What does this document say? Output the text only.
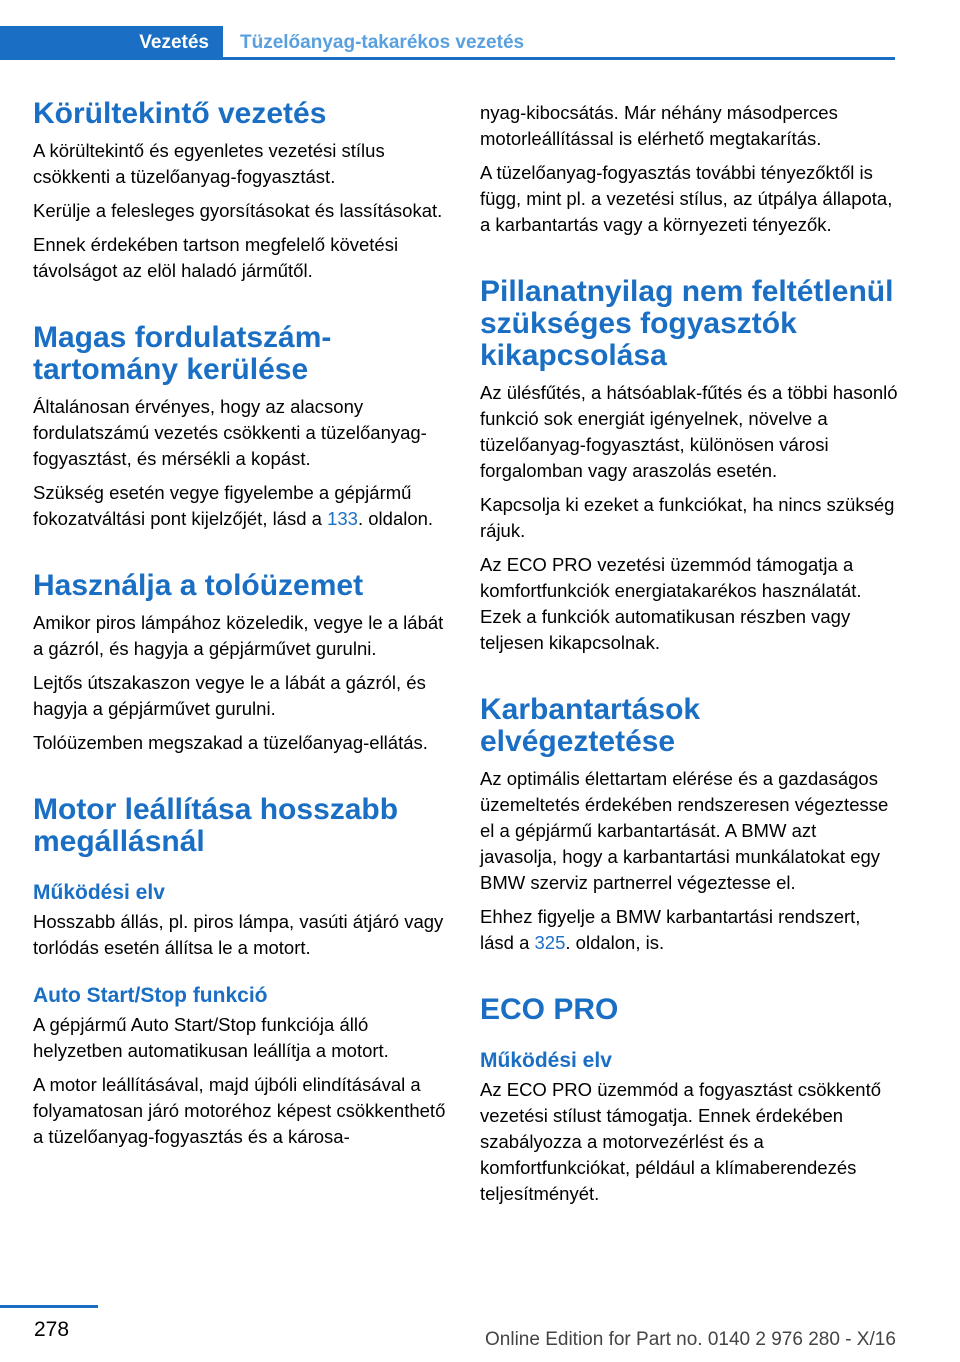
Vezetés	Tüzelőanyag-takarékos vezetés
Körültekintő vezetés

A körültekintő és egyenletes vezetési stílus csökkenti a tüzelőanyag-fogyasztást.

Kerülje a felesleges gyorsításokat és lassításokat.

Ennek érdekében tartson megfelelő követési távolságot az elöl haladó járműtől.

Magas fordulatszám-tartomány kerülése

Általánosan érvényes, hogy az alacsony fordulatszámú vezetés csökkenti a tüzelőanyag-fogyasztást, és mérsékli a kopást.

Szükség esetén vegye figyelembe a gépjármű fokozatváltási pont kijelzőjét, lásd a 133. oldalon.

Használja a tolóüzemet

Amikor piros lámpához közeledik, vegye le a lábát a gázról, és hagyja a gépjárművet gurulni.

Lejtős útszakaszon vegye le a lábát a gázról, és hagyja a gépjárművet gurulni.

Tolóüzemben megszakad a tüzelőanyag-ellátás.

Motor leállítása hosszabb megállásnál
Működési elv

Hosszabb állás, pl. piros lámpa, vasúti átjáró vagy torlódás esetén állítsa le a motort.

Auto Start/Stop funkció

A gépjármű Auto Start/Stop funkciója álló helyzetben automatikusan leállítja a motort.

A motor leállításával, majd újbóli elindításával a folyamatosan járó motoréhoz képest csökkenthető a tüzelőanyag-fogyasztás és a károsa-

nyag-kibocsátás. Már néhány másodperces motorleállítással is elérhető megtakarítás.

A tüzelőanyag-fogyasztás további tényezőktől is függ, mint pl. a vezetési stílus, az útpálya állapota, a karbantartás vagy a környezeti tényezők.

Pillanatnyilag nem feltétlenül szükséges fogyasztók kikapcsolása

Az ülésfűtés, a hátsóablak-fűtés és a többi hasonló funkció sok energiát igényelnek, növelve a tüzelőanyag-fogyasztást, különösen városi forgalomban vagy araszolás esetén.

Kapcsolja ki ezeket a funkciókat, ha nincs szükség rájuk.

Az ECO PRO vezetési üzemmód támogatja a komfortfunkciók energiatakarékos használatát. Ezek a funkciók automatikusan részben vagy teljesen kikapcsolnak.

Karbantartások elvégeztetése

Az optimális élettartam elérése és a gazdaságos üzemeltetés érdekében rendszeresen végeztesse el a gépjármű karbantartását. A BMW azt javasolja, hogy a karbantartási munkálatokat egy BMW szerviz partnerrel végeztesse el.

Ehhez figyelje a BMW karbantartási rendszert, lásd a 325. oldalon, is.

ECO PRO
Működési elv

Az ECO PRO üzemmód a fogyasztást csökkentő vezetési stílust támogatja. Ennek érdekében szabályozza a motorvezérlést és a komfortfunkciókat, például a klímaberendezés teljesítményét.

278	Online Edition for Part no. 0140 2 976 280 - X/16
